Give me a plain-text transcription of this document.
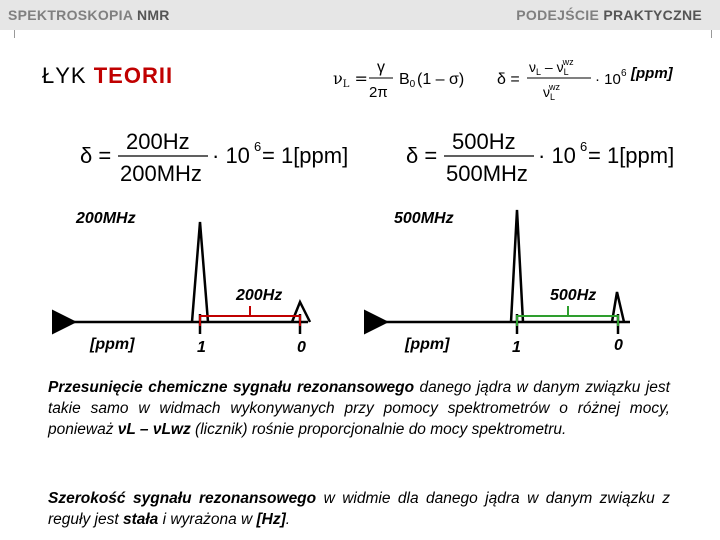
SPEKTROSKOPIA NMR	PODEJŚCIE PRAKTYCZNE
ŁYK TEORII	νL =
γ
2π
B0 (1 – σ) δ =
$\nu_L - \nu_Lwz$
$\nu_Lwz \cdot 10$ 6 [ppm]
δ =
200Hz
200MHz
· 10 6 = 1[ppm]	δ =
500Hz
500MHz
· 10 6 = 1[ppm]
200MHz
200Hz
[ppm]	1	0
500MHz
500Hz
[ppm]	1	0
Przesunięcie chemiczne sygnału rezonansowego danego jądra w danym związku jest takie samo w widmach wykonywanych przy pomocy spektrometrów o różnej mocy, ponieważ νL – νLwz (licznik) rośnie proporcjonalnie do mocy spektrometru.
Szerokość sygnału rezonansowego w widmie dla danego jądra w danym związku z reguły jest stała i wyrażona w [Hz].
